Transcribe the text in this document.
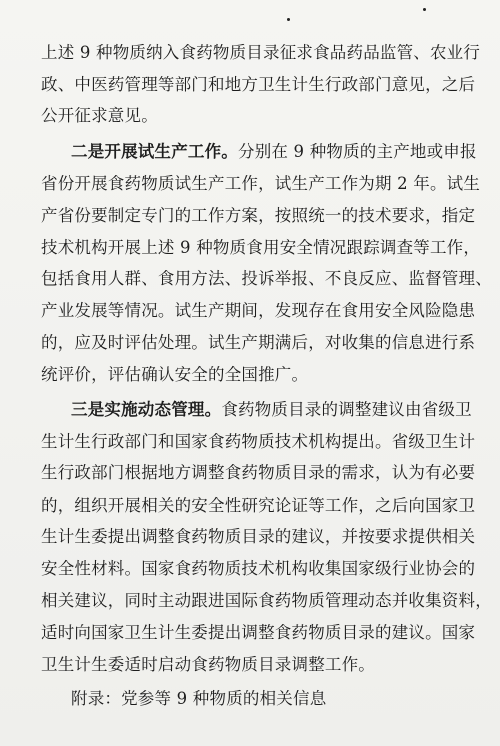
上述 9 种物质纳入食药物质目录征求食品药品监管、农业行
政、中医药管理等部门和地方卫生计生行政部门意见，之后
公开征求意见。
二是开展试生产工作。分别在 9 种物质的主产地或申报
省份开展食药物质试生产工作，试生产工作为期 2 年。试生
产省份要制定专门的工作方案，按照统一的技术要求，指定
技术机构开展上述 9 种物质食用安全情况跟踪调查等工作，
包括食用人群、食用方法、投诉举报、不良反应、监督管理、
产业发展等情况。试生产期间，发现存在食用安全风险隐患
的，应及时评估处理。试生产期满后，对收集的信息进行系
统评价，评估确认安全的全国推广。
三是实施动态管理。食药物质目录的调整建议由省级卫
生计生行政部门和国家食药物质技术机构提出。省级卫生计
生行政部门根据地方调整食药物质目录的需求，认为有必要
的，组织开展相关的安全性研究论证等工作，之后向国家卫
生计生委提出调整食药物质目录的建议，并按要求提供相关
安全性材料。国家食药物质技术机构收集国家级行业协会的
相关建议，同时主动跟进国际食药物质管理动态并收集资料，
适时向国家卫生计生委提出调整食药物质目录的建议。国家
卫生计生委适时启动食药物质目录调整工作。
附录：党参等 9 种物质的相关信息
